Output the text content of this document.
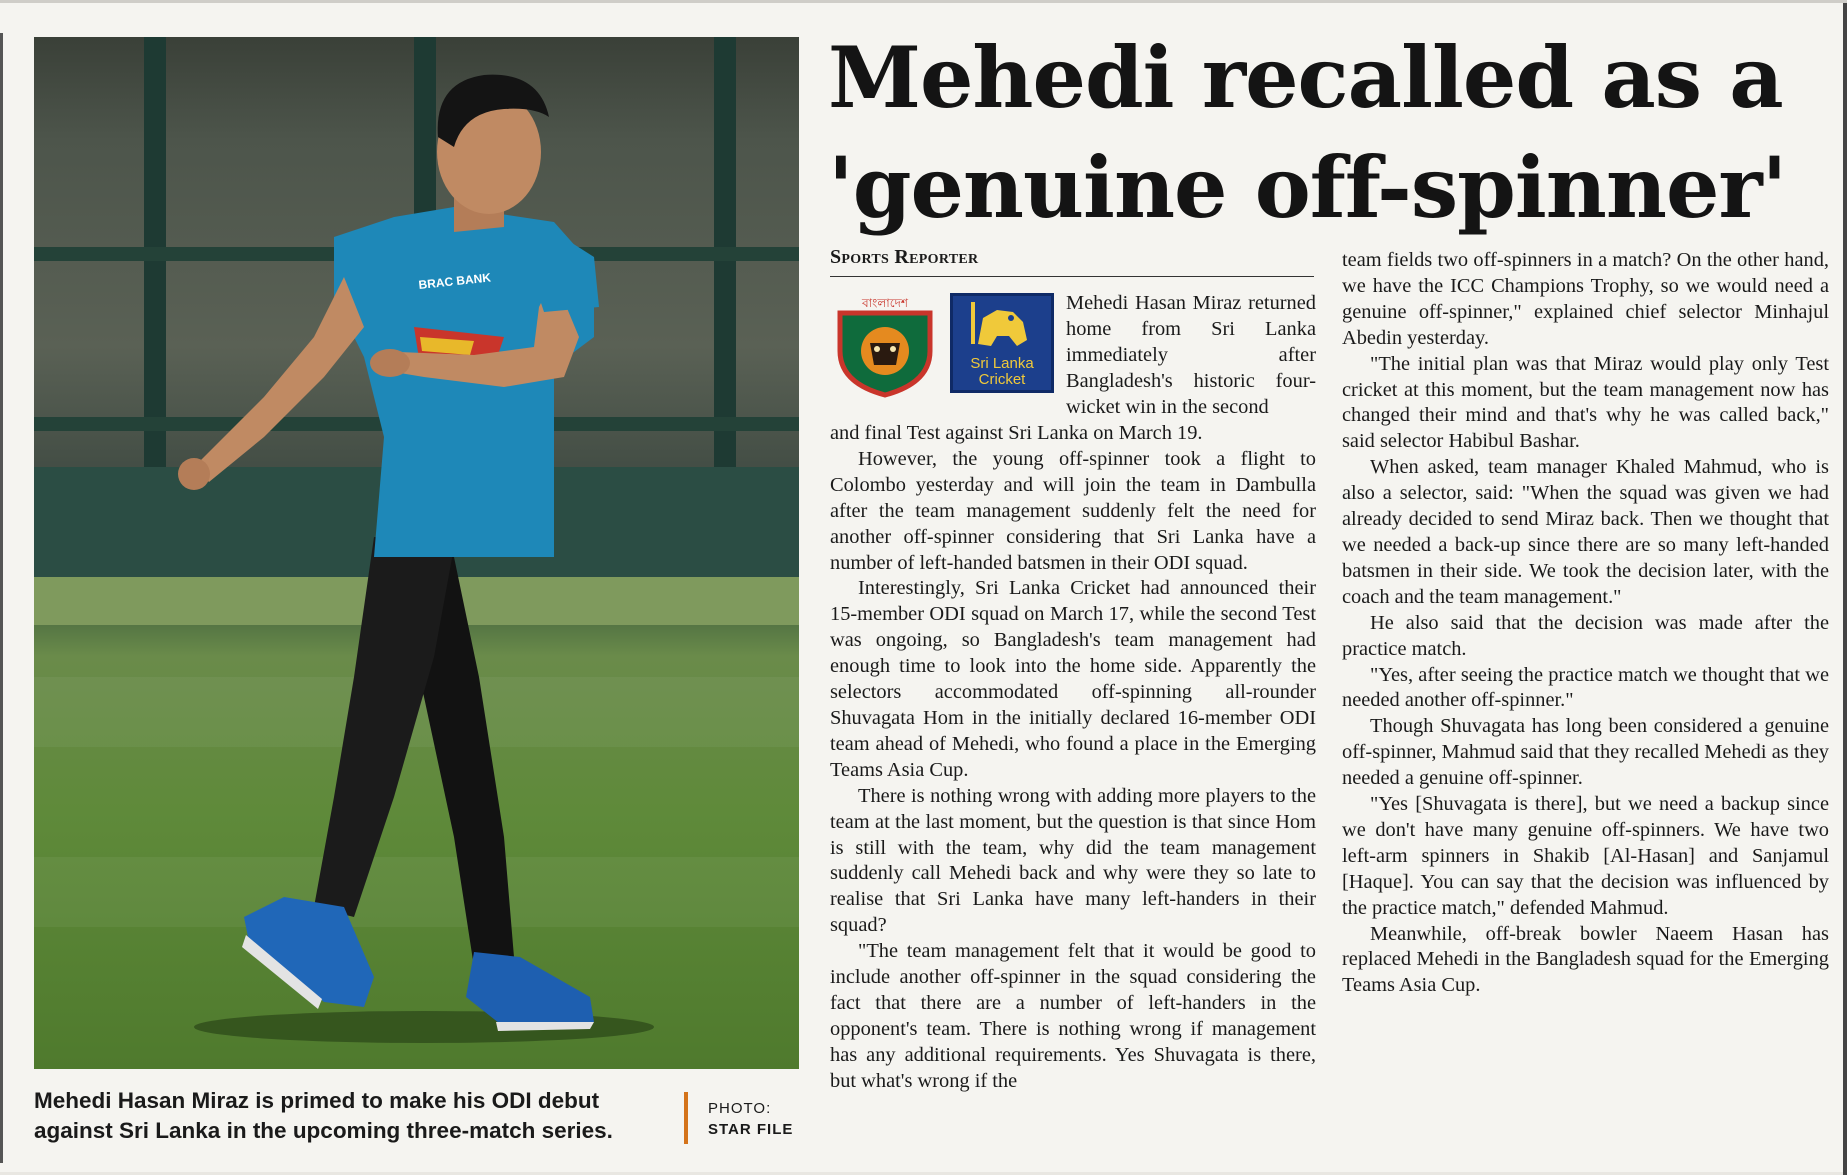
BRAC BANK
Mehedi Hasan Miraz is primed to make his ODI debut against Sri Lanka in the upcoming three-match series.
PHOTO:
STAR FILE
Mehedi recalled as a
'genuine off-spinner'
Sports Reporter
বাংলাদেশ
Sri Lanka Cricket

Mehedi Hasan Miraz returned home from Sri Lanka immediately after Bangladesh's historic four-wicket win in the second

and final Test against Sri Lanka on March 19.

However, the young off-spinner took a flight to Colombo yesterday and will join the team in Dambulla after the team management suddenly felt the need for another off-spinner considering that Sri Lanka have a number of left-handed batsmen in their ODI squad.

Interestingly, Sri Lanka Cricket had announced their 15-member ODI squad on March 17, while the second Test was ongoing, so Bangladesh's team management had enough time to look into the home side. Apparently the selectors accommodated off-spinning all-rounder Shuvagata Hom in the initially declared 16-member ODI team ahead of Mehedi, who found a place in the Emerging Teams Asia Cup.

There is nothing wrong with adding more players to the team at the last moment, but the question is that since Hom is still with the team, why did the team management suddenly call Mehedi back and why were they so late to realise that Sri Lanka have many left-handers in their squad?

"The team management felt that it would be good to include another off-spinner in the squad considering the fact that there are a number of left-handers in the opponent's team. There is nothing wrong if management has any additional requirements. Yes Shuvagata is there, but what's wrong if the

team fields two off-spinners in a match? On the other hand, we have the ICC Champions Trophy, so we would need a genuine off-spinner," explained chief selector Minhajul Abedin yesterday.

"The initial plan was that Miraz would play only Test cricket at this moment, but the team management now has changed their mind and that's why he was called back," said selector Habibul Bashar.

When asked, team manager Khaled Mahmud, who is also a selector, said: "When the squad was given we had already decided to send Miraz back. Then we thought that we needed a back-up since there are so many left-handed batsmen in their side. We took the decision later, with the coach and the team management."

He also said that the decision was made after the practice match.

"Yes, after seeing the practice match we thought that we needed another off-spinner."

Though Shuvagata has long been considered a genuine off-spinner, Mahmud said that they recalled Mehedi as they needed a genuine off-spinner.

"Yes [Shuvagata is there], but we need a backup since we don't have many genuine off-spinners. We have two left-arm spinners in Shakib [Al-Hasan] and Sanjamul [Haque]. You can say that the decision was influenced by the practice match," defended Mahmud.

Meanwhile, off-break bowler Naeem Hasan has replaced Mehedi in the Bangladesh squad for the Emerging Teams Asia Cup.
